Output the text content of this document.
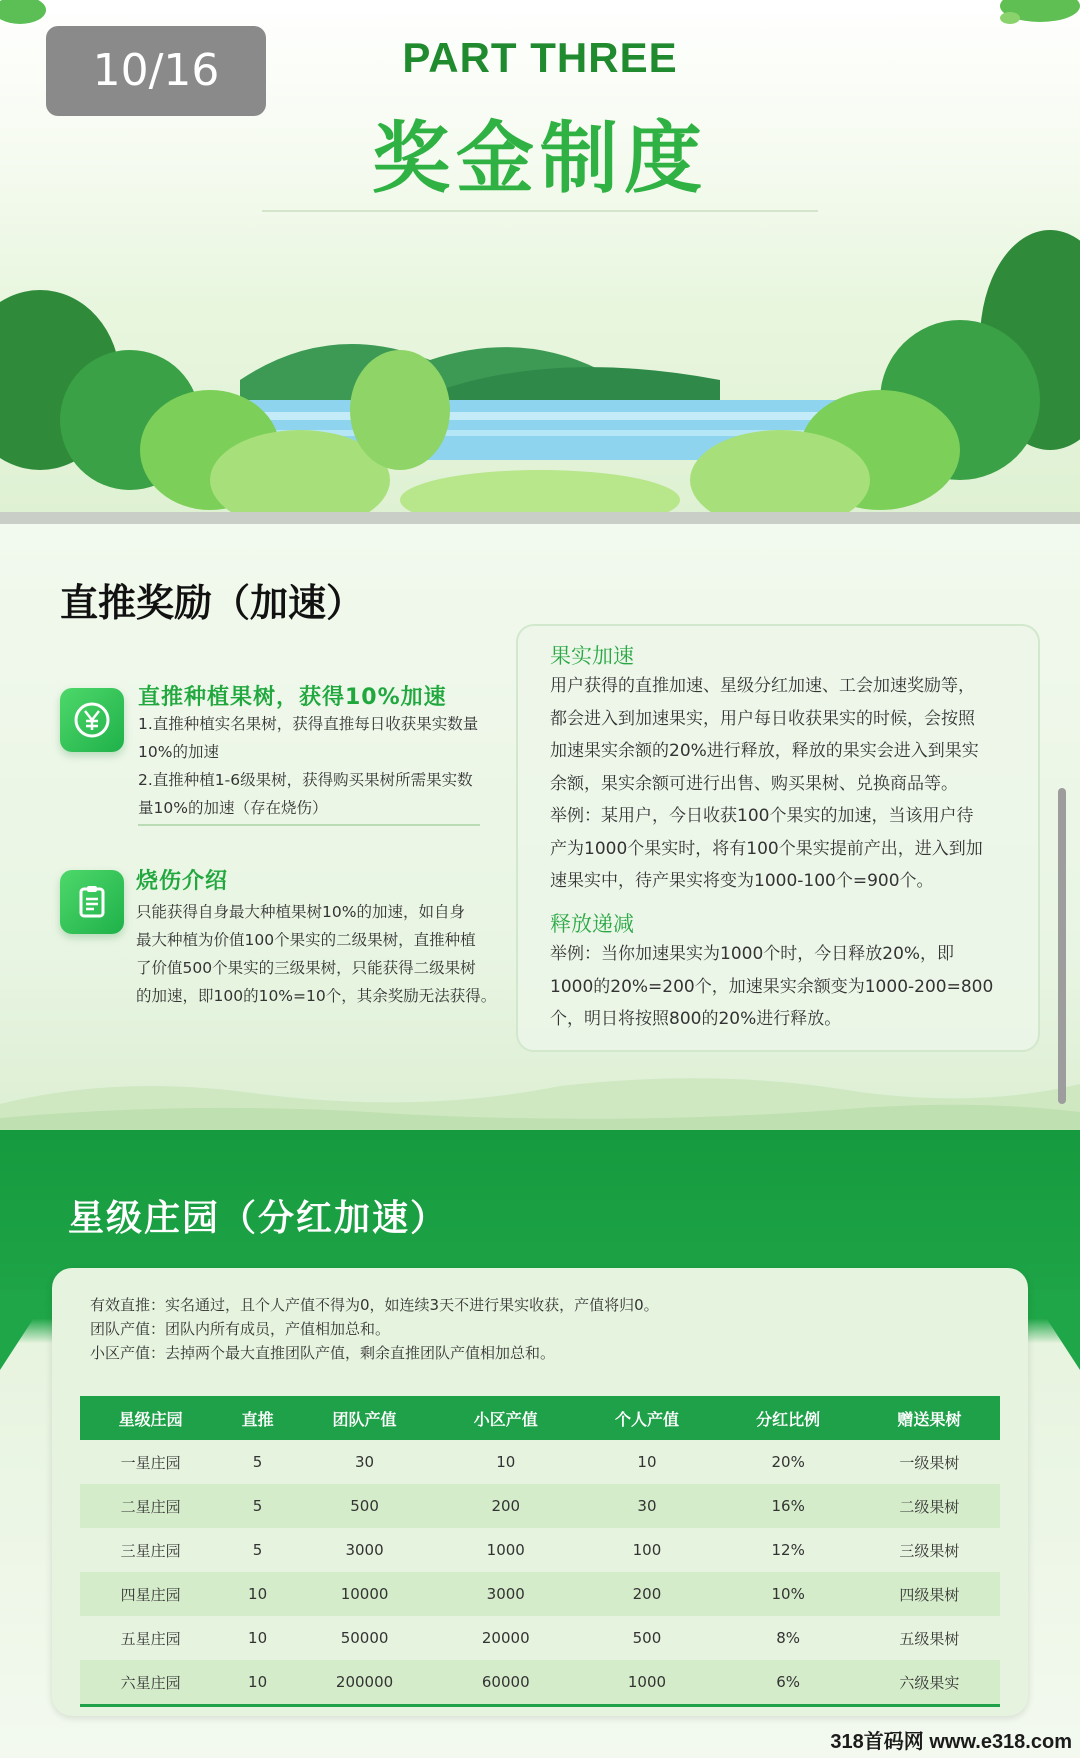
10/16	PART THREE
奖金制度
直推奖励（加速）
直推种植果树，获得10%加速
1.直推种植实名果树，获得直推每日收获果实数量
10%的加速
2.直推种植1-6级果树，获得购买果树所需果实数
量10%的加速（存在烧伤）
烧伤介绍
只能获得自身最大种植果树10%的加速，如自身
最大种植为价值100个果实的二级果树，直推种植
了价值500个果实的三级果树，只能获得二级果树
的加速，即100的10%=10个，其余奖励无法获得。
果实加速
用户获得的直推加速、星级分红加速、工会加速奖励等，
都会进入到加速果实，用户每日收获果实的时候，会按照
加速果实余额的20%进行释放，释放的果实会进入到果实
余额，果实余额可进行出售、购买果树、兑换商品等。
举例：某用户，今日收获100个果实的加速，当该用户待
产为1000个果实时，将有100个果实提前产出，进入到加
速果实中，待产果实将变为1000-100个=900个。
释放递减
举例：当你加速果实为1000个时，今日释放20%，即
1000的20%=200个，加速果实余额变为1000-200=800
个，明日将按照800的20%进行释放。
星级庄园（分红加速）
有效直推：实名通过，且个人产值不得为0，如连续3天不进行果实收获，产值将归0。
团队产值：团队内所有成员，产值相加总和。
小区产值：去掉两个最大直推团队产值，剩余直推团队产值相加总和。
星级庄园	直推	团队产值	小区产值	个人产值	分红比例	赠送果树
一星庄园	5	30	10	10	20%	一级果树
二星庄园	5	500	200	30	16%	二级果树
三星庄园	5	3000	1000	100	12%	三级果树
四星庄园	10	10000	3000	200	10%	四级果树
五星庄园	10	50000	20000	500	8%	五级果树
六星庄园	10	200000	60000	1000	6%	六级果实
318首码网 www.e318.com
